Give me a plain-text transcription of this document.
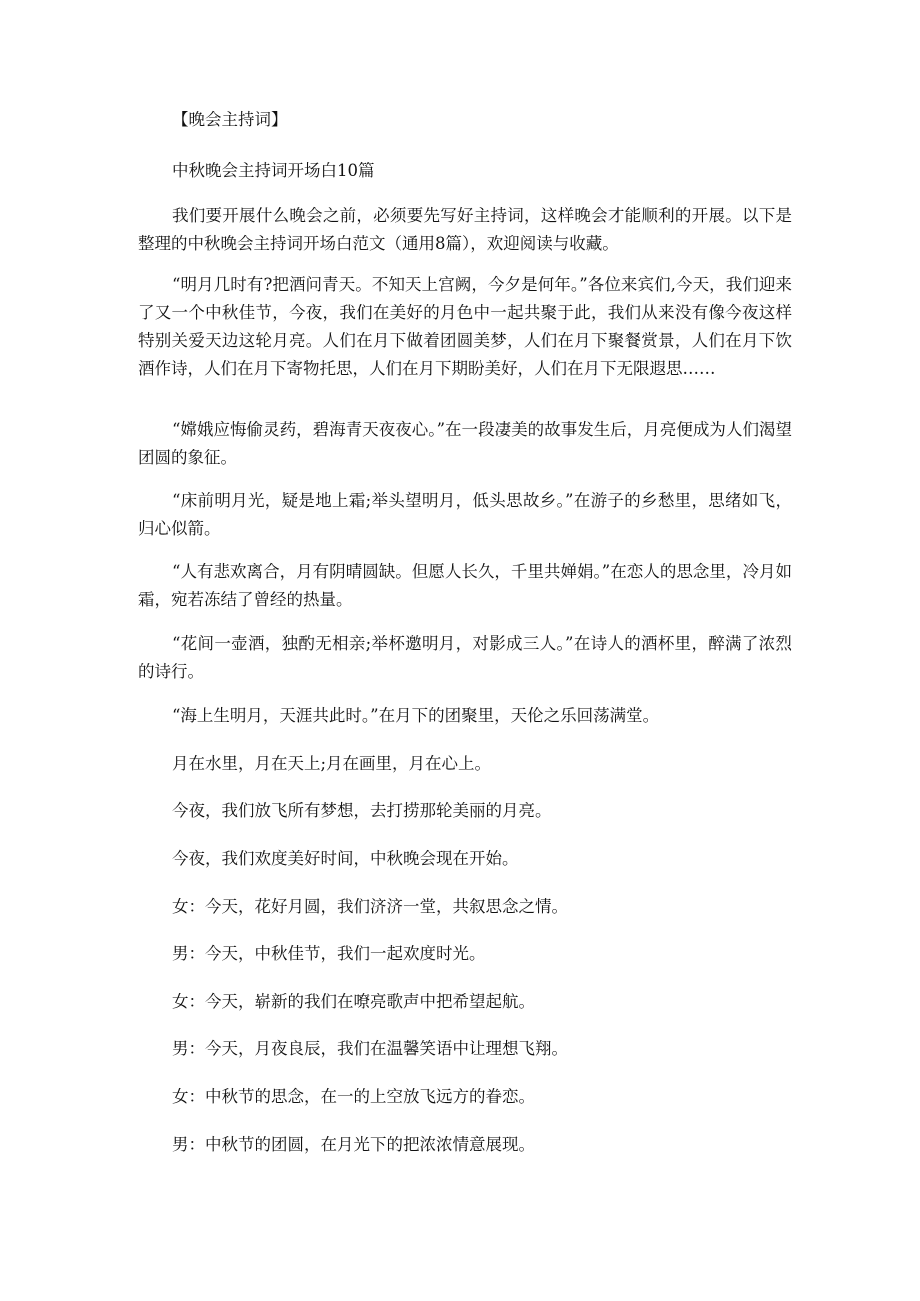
【晚会主持词】

中秋晚会主持词开场白10篇

我们要开展什么晚会之前，必须要先写好主持词，这样晚会才能顺利的开展。以下是整理的中秋晚会主持词开场白范文（通用8篇），欢迎阅读与收藏。

“明月几时有?把酒问青天。不知天上宫阙，今夕是何年。”各位来宾们,今天，我们迎来了又一个中秋佳节，今夜，我们在美好的月色中一起共聚于此，我们从来没有像今夜这样特别关爱天边这轮月亮。人们在月下做着团圆美梦，人们在月下聚餐赏景，人们在月下饮酒作诗，人们在月下寄物托思，人们在月下期盼美好，人们在月下无限遐思……

“嫦娥应悔偷灵药，碧海青天夜夜心。”在一段凄美的故事发生后，月亮便成为人们渴望团圆的象征。

“床前明月光，疑是地上霜;举头望明月，低头思故乡。”在游子的乡愁里，思绪如飞，归心似箭。

“人有悲欢离合，月有阴晴圆缺。但愿人长久，千里共婵娟。”在恋人的思念里，冷月如霜，宛若冻结了曾经的热量。

“花间一壶酒，独酌无相亲;举杯邀明月，对影成三人。”在诗人的酒杯里，醉满了浓烈的诗行。

“海上生明月，天涯共此时。”在月下的团聚里，天伦之乐回荡满堂。

月在水里，月在天上;月在画里，月在心上。

今夜，我们放飞所有梦想，去打捞那轮美丽的月亮。

今夜，我们欢度美好时间，中秋晚会现在开始。

女：今天，花好月圆，我们济济一堂，共叙思念之情。

男：今天，中秋佳节，我们一起欢度时光。

女：今天，崭新的我们在嘹亮歌声中把希望起航。

男：今天，月夜良辰，我们在温馨笑语中让理想飞翔。

女：中秋节的思念，在一的上空放飞远方的眷恋。

男：中秋节的团圆，在月光下的把浓浓情意展现。
